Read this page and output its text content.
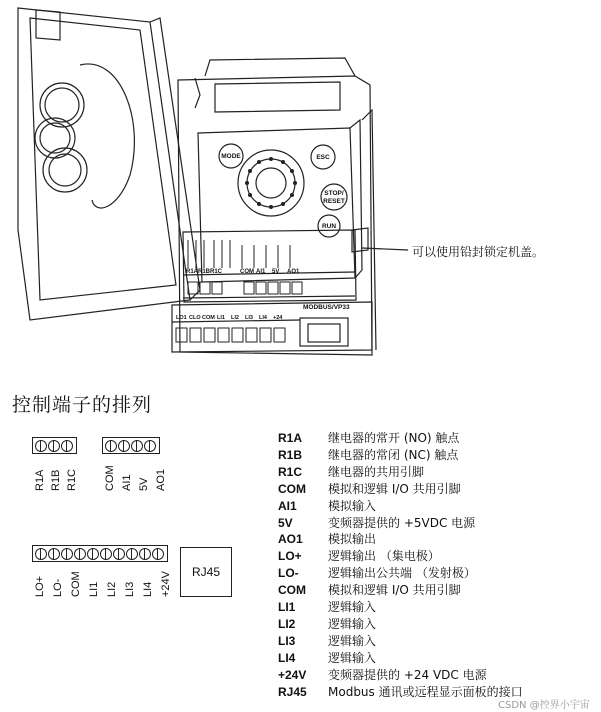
MODE	ESC
STOP/
RESET
RUN
R1A R1B R1C	COM AI1 5V AO1
MODBUS/VP33
LO1 CLO COM LI1 LI2 LI3 LI4 +24
可以使用铅封锁定机盖。
控制端子的排列
R1A R1B R1C COM AI1 5V AO1
LO+ LO- COM LI1 LI2 LI3 LI4 +24V RJ45
R1A	继电器的常开 (NO) 触点
R1B	继电器的常闭 (NC) 触点
R1C	继电器的共用引脚
COM	模拟和逻辑 I/O 共用引脚
AI1	模拟输入
5V	变频器提供的 +5VDC 电源
AO1	模拟输出
LO+	逻辑输出 （集电极）
LO-	逻辑输出公共端 （发射极）
COM	模拟和逻辑 I/O 共用引脚
LI1	逻辑输入
LI2	逻辑输入
LI3	逻辑输入
LI4	逻辑输入
+24V	变频器提供的 +24 VDC 电源
RJ45	Modbus 通讯或远程显示面板的接口
CSDN @控界小宇宙
